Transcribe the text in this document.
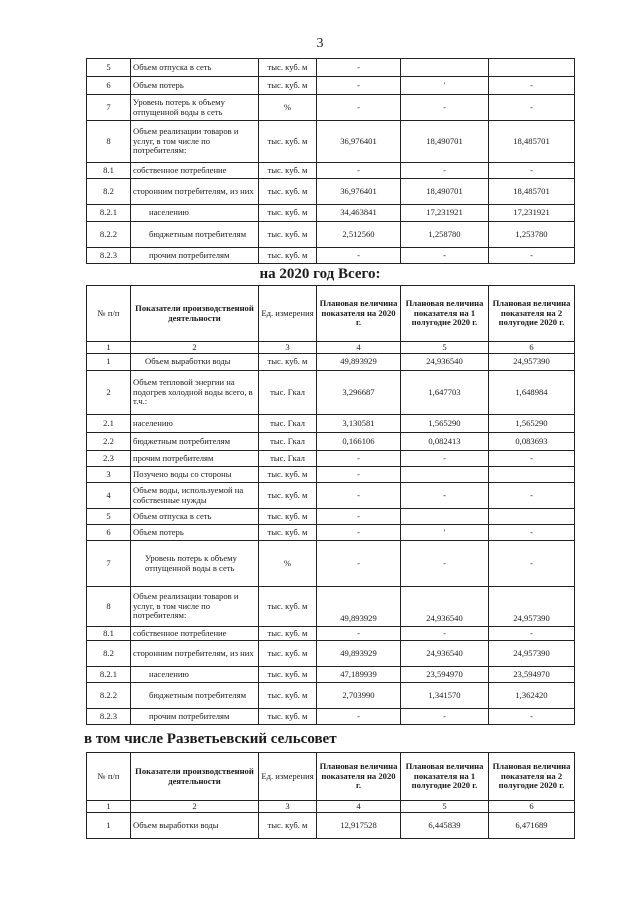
3
5	Объем отпуска в сеть	тыс. куб. м	-		
6	Объем потерь	тыс. куб. м	-	'	-
7	Уровень потерь к объему отпущенной воды в сеть	%	-	-	-
8	Объем реализации товаров и услуг, в том числе по потребителям:	тыс. куб. м	36,976401	18,490701	18,485701
8.1	собственное потребление	тыс. куб. м	-	-	-
8.2	сторонним потребителям, из них	тыс. куб. м	36,976401	18,490701	18,485701
8.2.1	населению	тыс. куб. м	34,463841	17,231921	17,231921
8.2.2	бюджетным потребителям	тыс. куб. м	2,512560	1,258780	1,253780
8.2.3	прочим потребителям	тыс. куб. м	-	-	-
на 2020 год Всего:
№ п/п	Показатели производственной деятельности	Ед. измерения	Плановая величина показателя на 2020 г.	Плановая величина показателя на 1 полугодие 2020 г.	Плановая величина показателя на 2 полугодие 2020 г.
1	2	3	4	5	6
1	Объем выработки воды	тыс. куб. м	49,893929	24,936540	24,957390
2	Объем тепловой энергии на подогрев холодной воды всего, в т.ч.:	тыс. Гкал	3,296687	1,647703	1,648984
2.1	населению	тыс. Гкал	3,130581	1,565290	1,565290
2.2	бюджетным потребителям	тыс. Гкал	0,166106	0,082413	0,083693
2.3	прочим потребителям	тыс. Гкал	-	-	-
3	Позучено воды со стороны	тыс. куб. м	-		
4	Объем воды, используемой на собственные нужды	тыс. куб. м	-	-	-
5	Объем отпуска в сеть	тыс. куб. м	-		
6	Объем потерь	тыс. куб. м	-	'	-
7	Уровень потерь к объему отпущенной воды в сеть	%	-	-	-
8	Объем реализации товаров и услуг, в том числе по потребителям:	тыс. куб. м	49,893929	24,936540	24,957390
8.1	собственное потребление	тыс. куб. м	-	-	-
8.2	сторонним потребителям, из них	тыс. куб. м	49,893929	24,936540	24,957390
8.2.1	населению	тыс. куб. м	47,189939	23,594970	23,594970
8.2.2	бюджетным потребителям	тыс. куб. м	2,703990	1,341570	1,362420
8.2.3	прочим потребителям	тыс. куб. м	-	-	-
в том числе Разветьевский сельсовет
№ п/п	Показатели производственной деятельности	Ед. измерения	Плановая величина показателя на 2020 г.	Плановая величина показателя на 1 полугодие 2020 г.	Плановая величина показателя на 2 полугодие 2020 г.
1	2	3	4	5	6
1	Объем выработки воды	тыс. куб. м	12,917528	6,445839	6,471689
